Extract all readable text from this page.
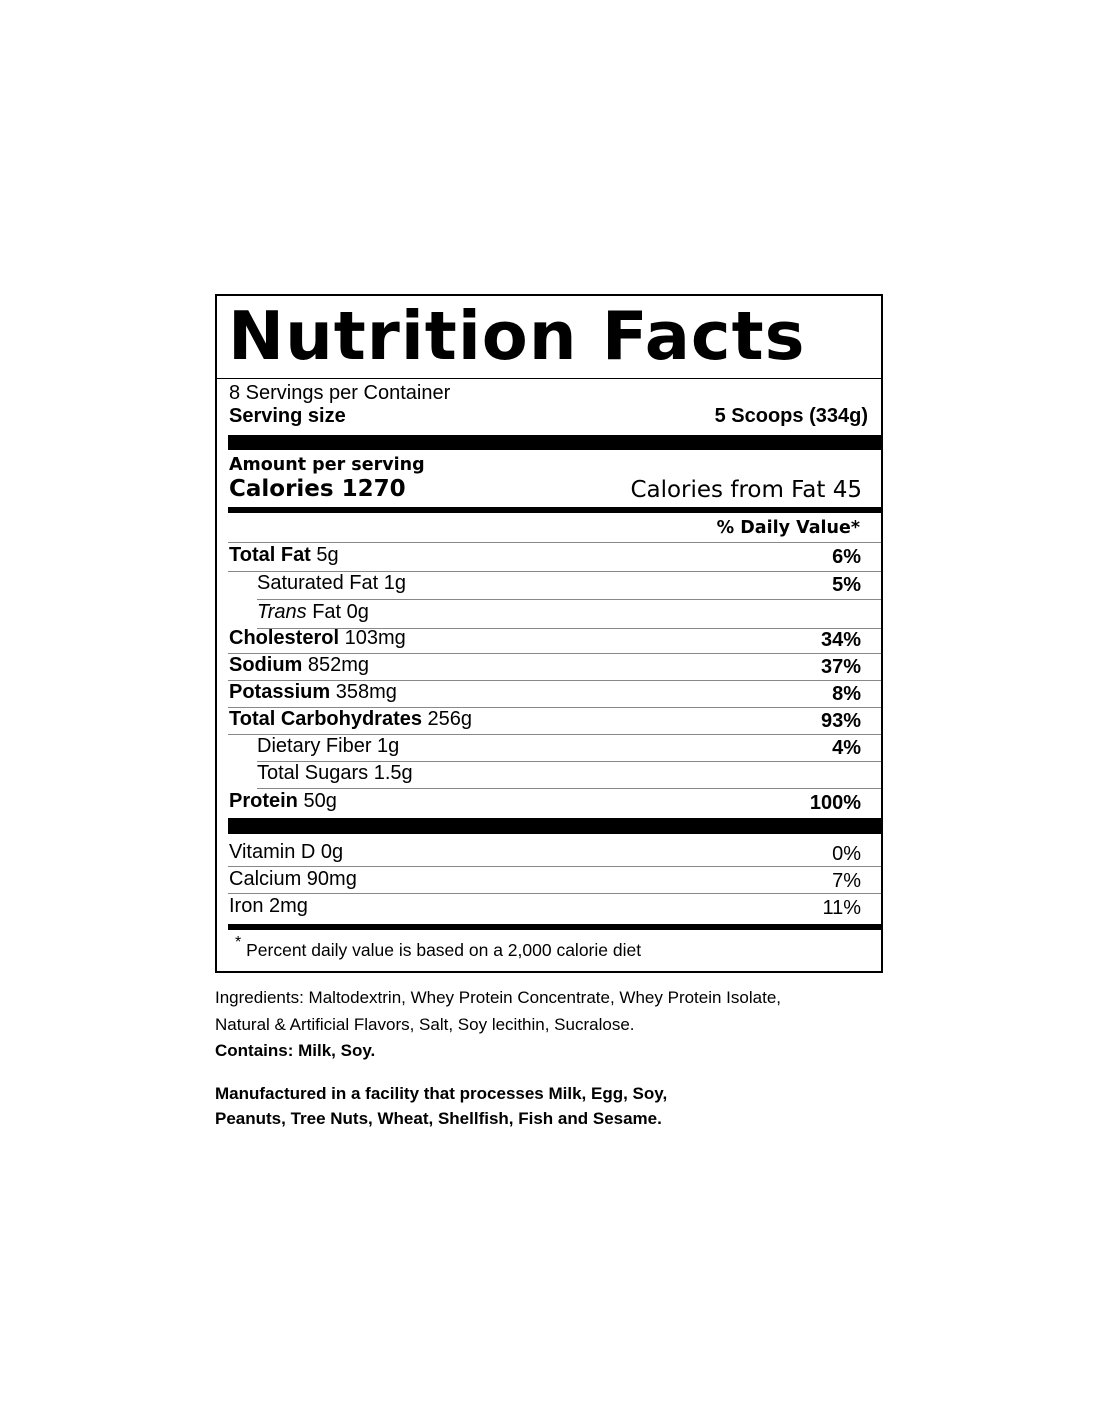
Nutrition Facts
8 Servings per Container
Serving size	5 Scoops (334g)
Amount per serving
Calories 1270	Calories from Fat 45
% Daily Value*
Total Fat 5g	6%
Saturated Fat 1g	5%
Trans Fat 0g
Cholesterol 103mg	34%
Sodium 852mg	37%
Potassium 358mg	8%
Total Carbohydrates 256g	93%
Dietary Fiber 1g	4%
Total Sugars 1.5g
Protein 50g	100%
Vitamin D 0g	0%
Calcium 90mg	7%
Iron 2mg	11%
* Percent daily value is based on a 2,000 calorie diet
Ingredients: Maltodextrin, Whey Protein Concentrate, Whey Protein Isolate,
Natural & Artificial Flavors, Salt, Soy lecithin, Sucralose.
Contains: Milk, Soy.
Manufactured in a facility that processes Milk, Egg, Soy,
Peanuts, Tree Nuts, Wheat, Shellfish, Fish and Sesame.
